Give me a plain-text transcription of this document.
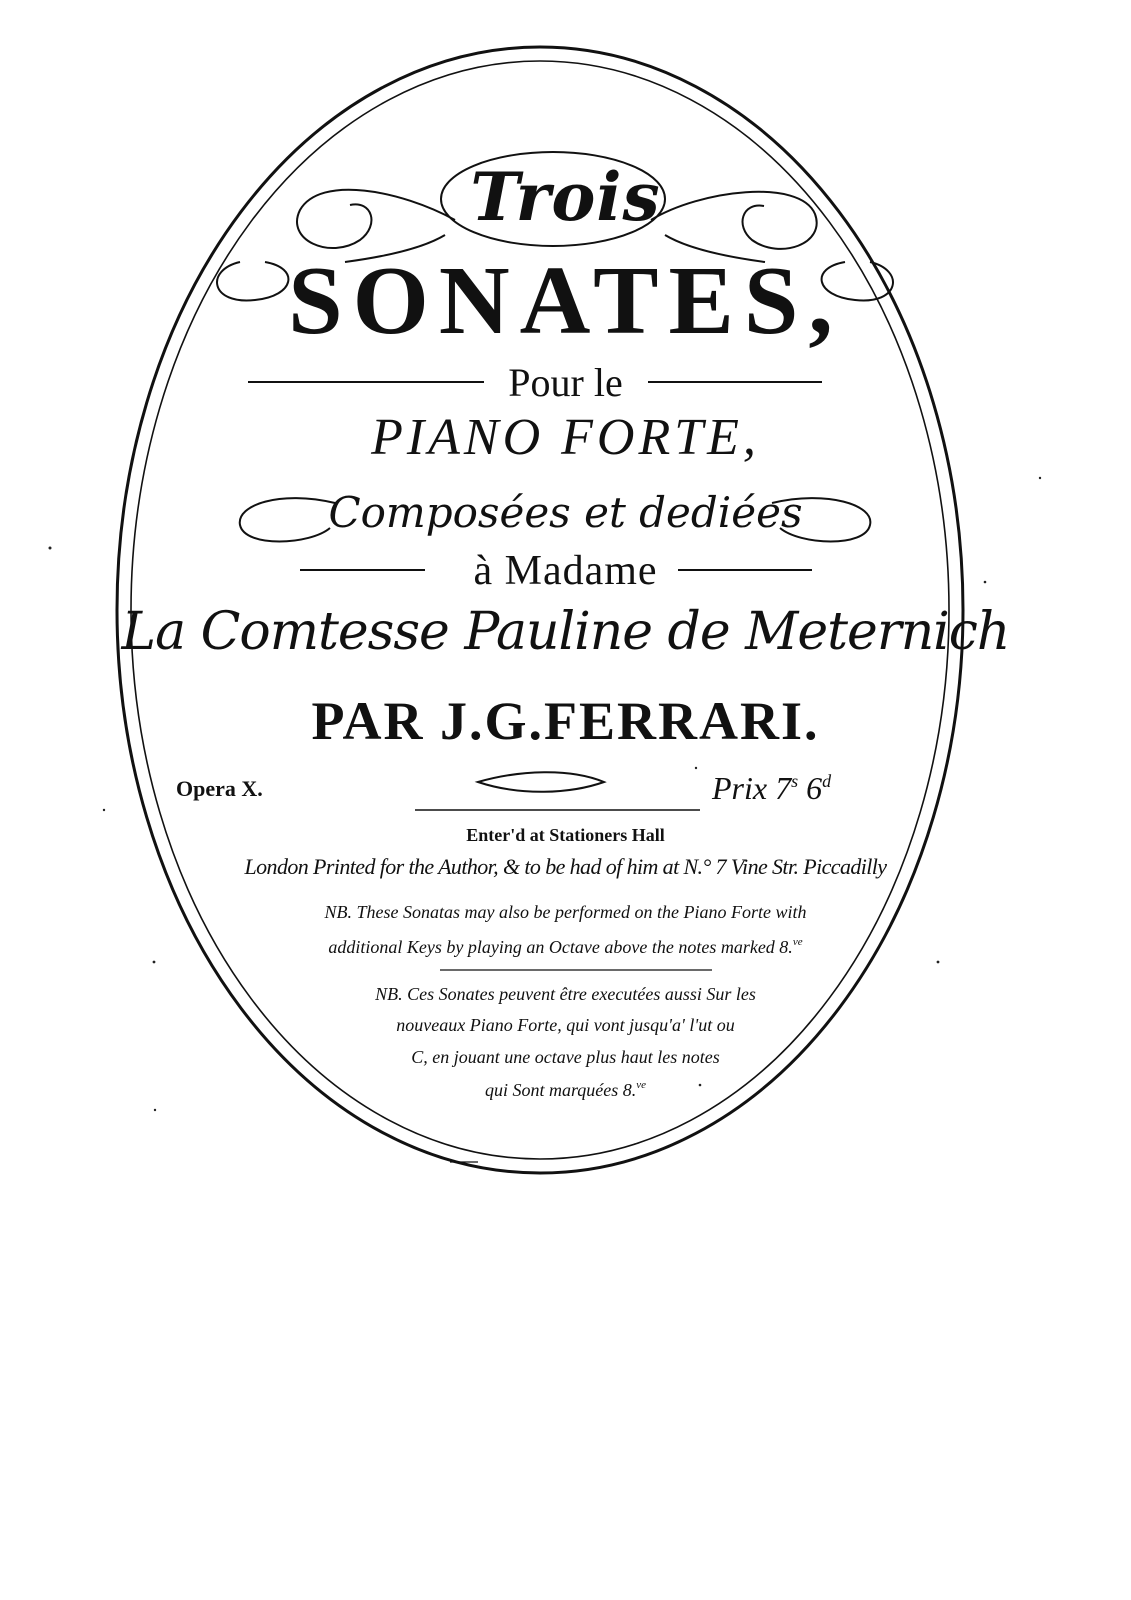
Trois
SONATES,
Pour le
PIANO FORTE,
Composées et dediées
à Madame
La Comtesse Pauline de Meternich
PAR J.G.FERRARI.
Opera X.	Prix 7$^s$ 6$^d$
Enter'd at Stationers Hall
London Printed for the Author, & to be had of him at N.° 7 Vine Str. Piccadilly
NB. These Sonatas may also be performed on the Piano Forte with
additional Keys by playing an Octave above the notes marked 8.$^{ve}$
NB. Ces Sonates peuvent être executées aussi Sur les
nouveaux Piano Forte, qui vont jusqu'a' l'ut ou
C, en jouant une octave plus haut les notes
qui Sont marquées 8.$^{ve}$
